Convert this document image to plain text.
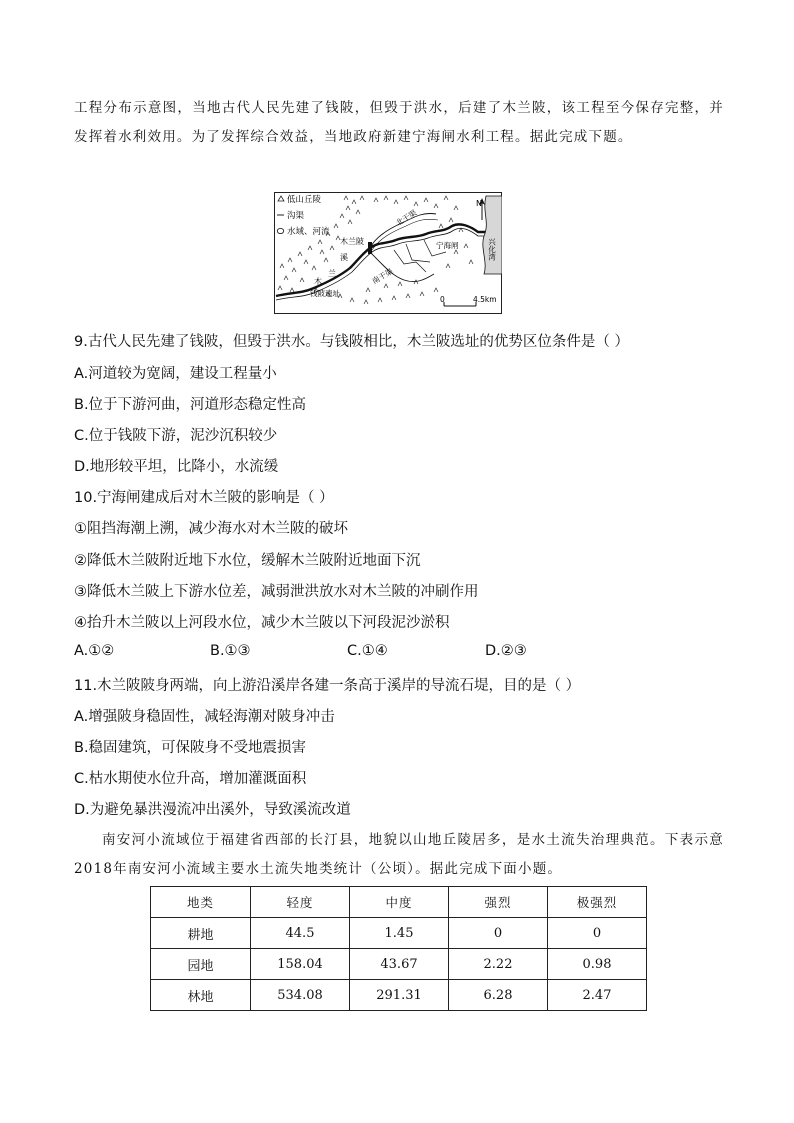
工程分布示意图，当地古代人民先建了钱陂，但毁于洪水，后建了木兰陂，该工程至今保存完整，并发挥着水利效用。为了发挥综合效益，当地政府新建宁海闸水利工程。据此完成下题。
低山丘陵
沟渠
水域、河流
N
北干渠
木兰陂	宁海闸	兴化湾
溪
兰
木	南干渠
钱陂遗址
0	4.5km
9.古代人民先建了钱陂，但毁于洪水。与钱陂相比，木兰陂选址的优势区位条件是（ ）
A.河道较为宽阔，建设工程量小
B.位于下游河曲，河道形态稳定性高
C.位于钱陂下游，泥沙沉积较少
D.地形较平坦，比降小，水流缓
10.宁海闸建成后对木兰陂的影响是（ ）
①阻挡海潮上溯，减少海水对木兰陂的破坏
②降低木兰陂附近地下水位，缓解木兰陂附近地面下沉
③降低木兰陂上下游水位差，减弱泄洪放水对木兰陂的冲刷作用
④抬升木兰陂以上河段水位，减少木兰陂以下河段泥沙淤积
A.①②	B.①③	C.①④	D.②③
11.木兰陂陂身两端，向上游沿溪岸各建一条高于溪岸的导流石堤，目的是（ ）
A.增强陂身稳固性，减轻海潮对陂身冲击
B.稳固建筑，可保陂身不受地震损害
C.枯水期使水位升高，增加灌溉面积
D.为避免暴洪漫流冲出溪外，导致溪流改道
南安河小流域位于福建省西部的长汀县，地貌以山地丘陵居多，是水土流失治理典范。下表示意2018年南安河小流域主要水土流失地类统计（公顷）。据此完成下面小题。
地类	轻度	中度	强烈	极强烈
耕地	44.5	1.45	0	0
园地	158.04	43.67	2.22	0.98
林地	534.08	291.31	6.28	2.47
